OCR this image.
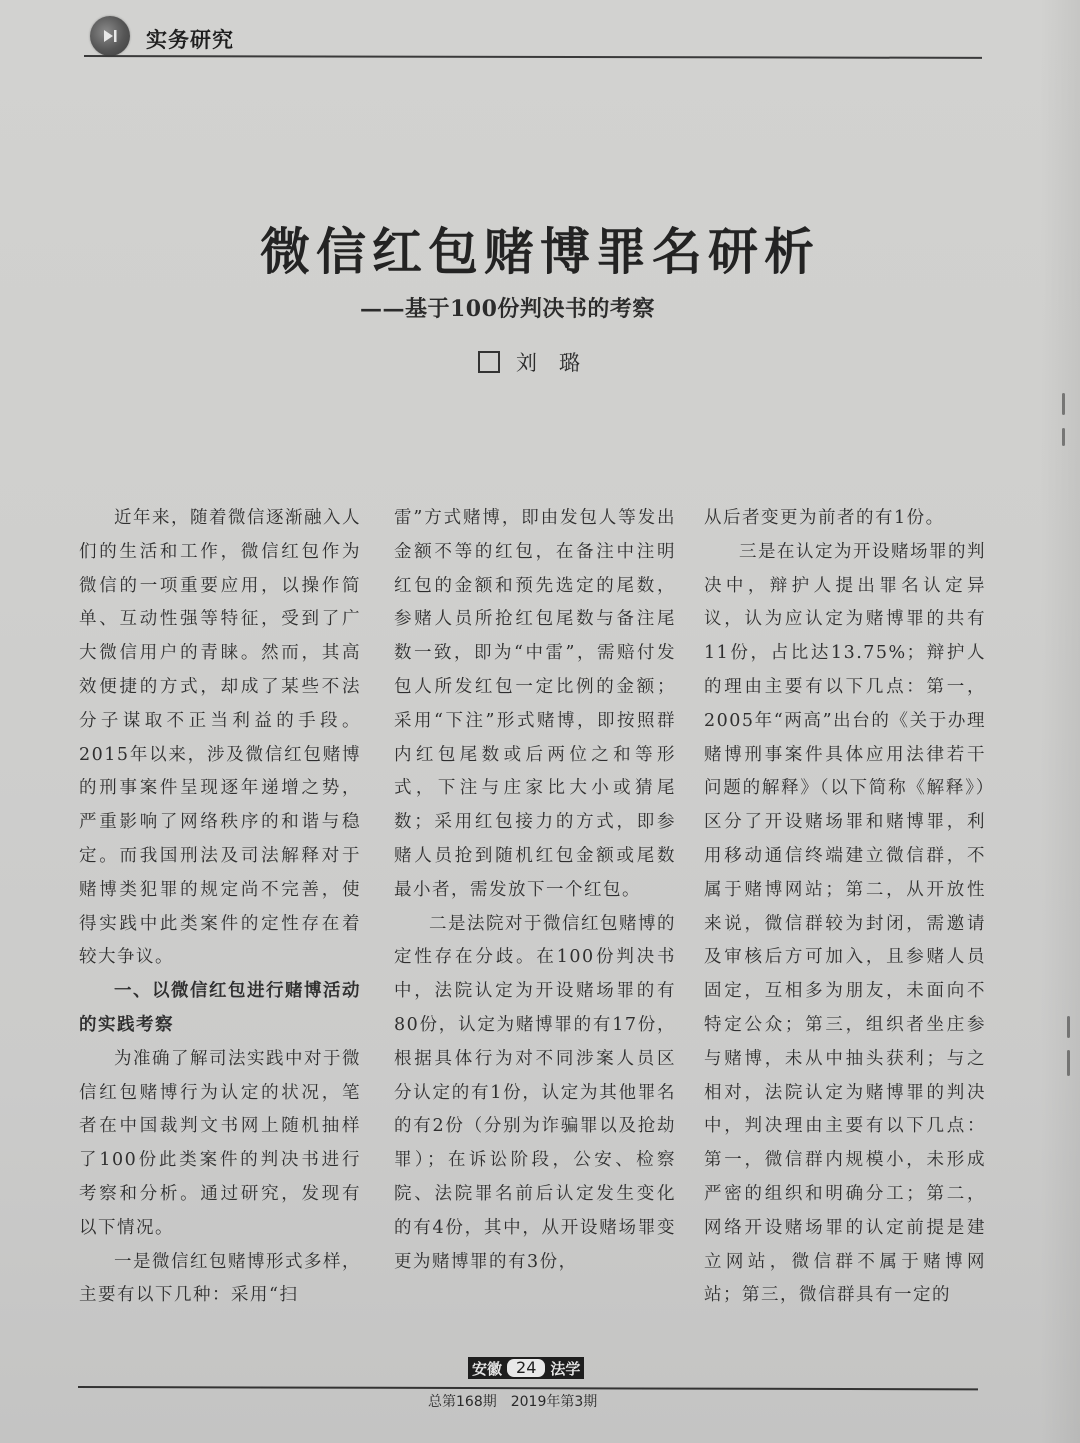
实务研究
微信红包赌博罪名研析
——基于100份判决书的考察
刘璐

近年来，随着微信逐渐融入人们的生活和工作，微信红包作为微信的一项重要应用，以操作简单、互动性强等特征，受到了广大微信用户的青睐。然而，其高效便捷的方式，却成了某些不法分子谋取不正当利益的手段。2015年以来，涉及微信红包赌博的刑事案件呈现逐年递增之势，严重影响了网络秩序的和谐与稳定。而我国刑法及司法解释对于赌博类犯罪的规定尚不完善，使得实践中此类案件的定性存在着较大争议。

一、以微信红包进行赌博活动的实践考察

为准确了解司法实践中对于微信红包赌博行为认定的状况，笔者在中国裁判文书网上随机抽样了100份此类案件的判决书进行考察和分析。通过研究，发现有以下情况。

一是微信红包赌博形式多样，主要有以下几种：采用“扫

雷”方式赌博，即由发包人等发出金额不等的红包，在备注中注明红包的金额和预先选定的尾数，参赌人员所抢红包尾数与备注尾数一致，即为“中雷”，需赔付发包人所发红包一定比例的金额；采用“下注”形式赌博，即按照群内红包尾数或后两位之和等形式，下注与庄家比大小或猜尾数；采用红包接力的方式，即参赌人员抢到随机红包金额或尾数最小者，需发放下一个红包。

二是法院对于微信红包赌博的定性存在分歧。在100份判决书中，法院认定为开设赌场罪的有80份，认定为赌博罪的有17份，根据具体行为对不同涉案人员区分认定的有1份，认定为其他罪名的有2份（分别为诈骗罪以及抢劫罪）；在诉讼阶段，公安、检察院、法院罪名前后认定发生变化的有4份，其中，从开设赌场罪变更为赌博罪的有3份，

从后者变更为前者的有1份。

三是在认定为开设赌场罪的判决中，辩护人提出罪名认定异议，认为应认定为赌博罪的共有11份，占比达13.75%；辩护人的理由主要有以下几点：第一，2005年“两高”出台的《关于办理赌博刑事案件具体应用法律若干问题的解释》（以下简称《解释》）区分了开设赌场罪和赌博罪，利用移动通信终端建立微信群，不属于赌博网站；第二，从开放性来说，微信群较为封闭，需邀请及审核后方可加入，且参赌人员固定，互相多为朋友，未面向不特定公众；第三，组织者坐庄参与赌博，未从中抽头获利；与之相对，法院认定为赌博罪的判决中，判决理由主要有以下几点：第一，微信群内规模小，未形成严密的组织和明确分工；第二，网络开设赌场罪的认定前提是建立网站，微信群不属于赌博网站；第三，微信群具有一定的

安徽 24 法学
总第168期 2019年第3期
